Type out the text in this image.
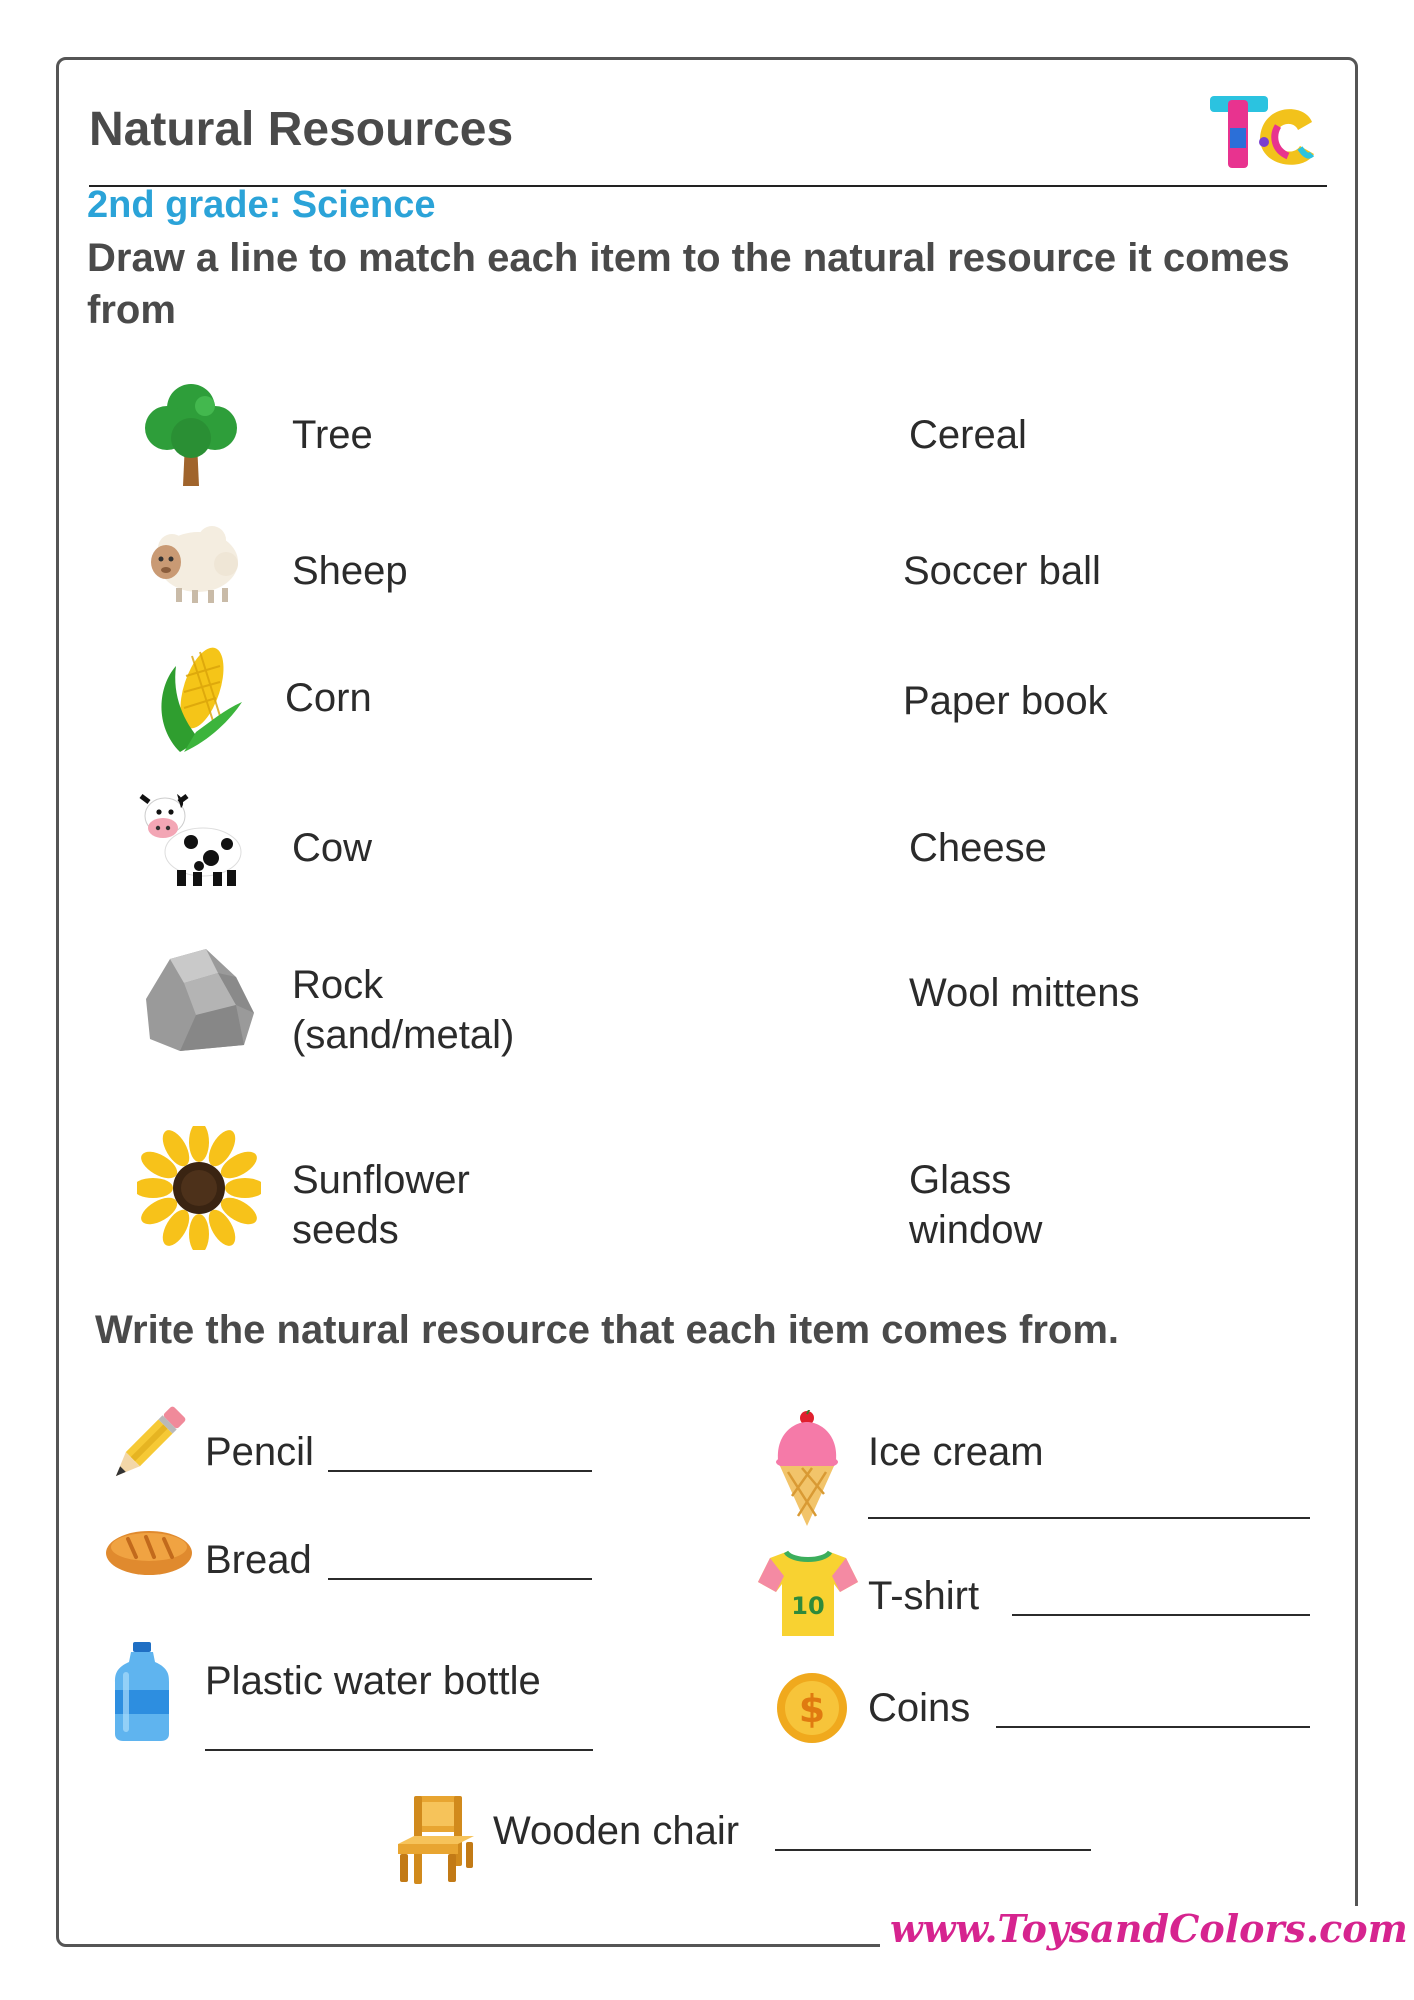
Natural Resources
2nd grade: Science
Draw a line to match each item to the natural resource it comes from
Tree
Sheep
Corn
Cow
Rock
(sand/metal)
Sunflower
seeds
Cereal
Soccer ball
Paper book
Cheese
Wool mittens
Glass
window
Write the natural resource that each item comes from.
Pencil
Bread
Plastic water bottle
Ice cream
10 T-shirt
$ Coins
Wooden chair
www.ToysandColors.com
